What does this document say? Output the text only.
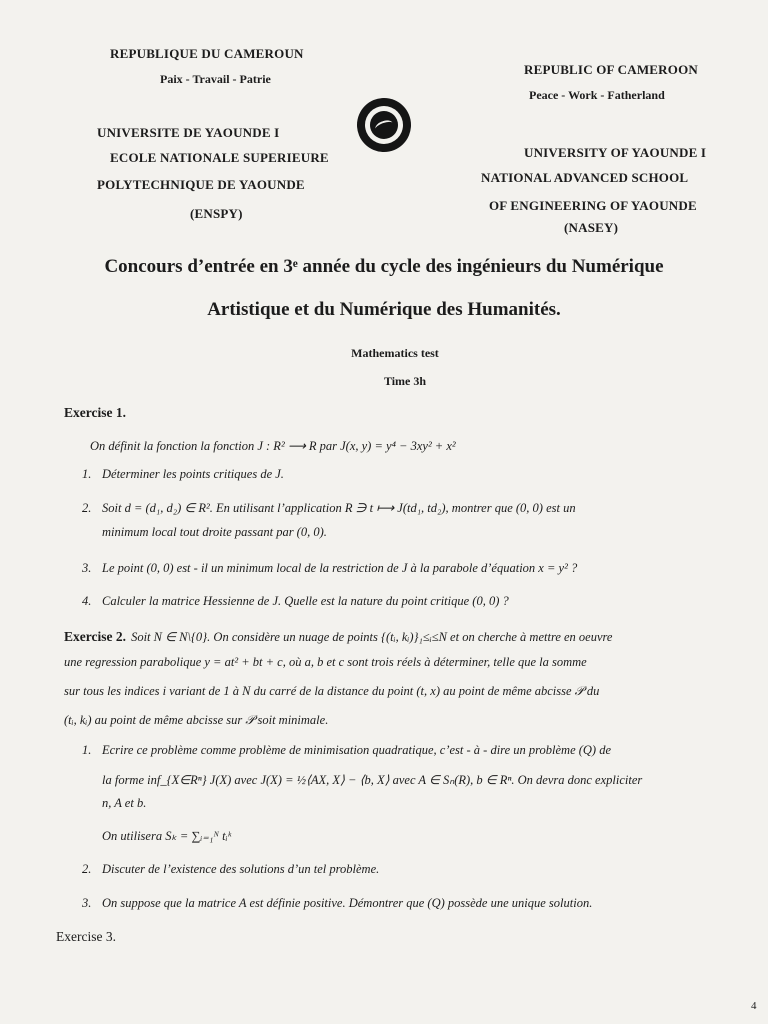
REPUBLIQUE DU CAMEROUN
Paix - Travail - Patrie
UNIVERSITE DE YAOUNDE I
ECOLE NATIONALE SUPERIEURE
POLYTECHNIQUE DE YAOUNDE
(ENSPY)
REPUBLIC OF CAMEROON
Peace - Work - Fatherland
UNIVERSITY OF YAOUNDE I
NATIONAL ADVANCED SCHOOL
OF ENGINEERING OF YAOUNDE
(NASEY)
Concours d’entrée en 3ᵉ année du cycle des ingénieurs du Numérique
Artistique et du Numérique des Humanités.
Mathematics test
Time 3h
Exercise 1.
On définit la fonction la fonction J : R² ⟶ R par J(x, y) = y⁴ − 3xy² + x²
1. Déterminer les points critiques de J.
2. Soit d = (d₁, d₂) ∈ R². En utilisant l’application R ∋ t ⟼ J(td₁, td₂), montrer que (0, 0) est un
minimum local tout droite passant par (0, 0).
3. Le point (0, 0) est - il un minimum local de la restriction de J à la parabole d’équation x = y² ?
4. Calculer la matrice Hessienne de J. Quelle est la nature du point critique (0, 0) ?
Exercise 2. Soit N ∈ N\{0}. On considère un nuage de points {(tᵢ, kᵢ)}₁≤ᵢ≤N et on cherche à mettre en oeuvre
une regression parabolique y = at² + bt + c, où a, b et c sont trois réels à déterminer, telle que la somme
sur tous les indices i variant de 1 à N du carré de la distance du point (t, x) au point de même abcisse 𝒫 du
(tᵢ, kᵢ) au point de même abcisse sur 𝒫 soit minimale.
1. Ecrire ce problème comme problème de minimisation quadratique, c’est - à - dire un problème (Q) de
la forme inf_{X∈Rⁿ} J(X) avec J(X) = ½⟨AX, X⟩ − ⟨b, X⟩ avec A ∈ Sₙ(R), b ∈ Rⁿ. On devra donc expliciter
n, A et b.
On utilisera Sₖ = ∑ᵢ₌₁ᴺ tᵢᵏ
2. Discuter de l’existence des solutions d’un tel problème.
3. On suppose que la matrice A est définie positive. Démontrer que (Q) possède une unique solution.
Exercise 3.
4
